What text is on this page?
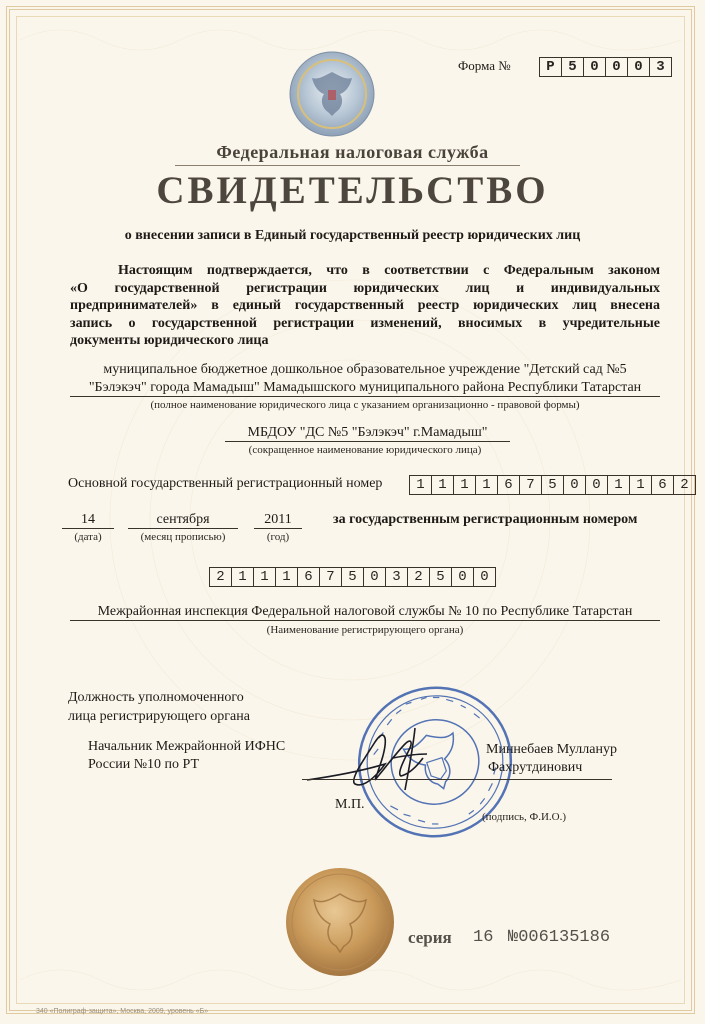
Форма №	Р 5 0 0 0 3
Федеральная налоговая служба
СВИДЕТЕЛЬСТВО
о внесении записи в Единый государственный реестр юридических лиц
Настоящим подтверждается, что в соответствии с Федеральным законом
«О государственной регистрации юридических лиц и индивидуальных
предпринимателей» в единый государственный реестр юридических лиц внесена
запись о государственной регистрации изменений, вносимых в учредительные
документы юридического лица
муниципальное бюджетное дошкольное образовательное учреждение "Детский сад №5
"Бэлэкэч" города Мамадыш" Мамадышского муниципального района Республики Татарстан
(полное наименование юридического лица с указанием организационно - правовой формы)
МБДОУ "ДС №5 "Бэлэкэч" г.Мамадыш"
(сокращенное наименование юридического лица)
Основной государственный регистрационный номер	1 1 1 1 6 7 5 0 0 1 1 6 2
14
(дата)
сентября
(месяц прописью)
2011
(год)
за государственным регистрационным номером
2 1 1 1 6 7 5 0 3 2 5 0 0
Межрайонная инспекция Федеральной налоговой службы № 10 по Республике Татарстан
(Наименование регистрирующего органа)
Должность уполномоченного
лица регистрирующего органа
Начальник Межрайонной ИФНС
России №10 по РТ
Миннебаев Муллануp
Фахрутдинович
М.П.
(подпись, Ф.И.О.)
серия 16 №006135186
340 «Полиграф-защита», Москва, 2009, уровень «Б»
